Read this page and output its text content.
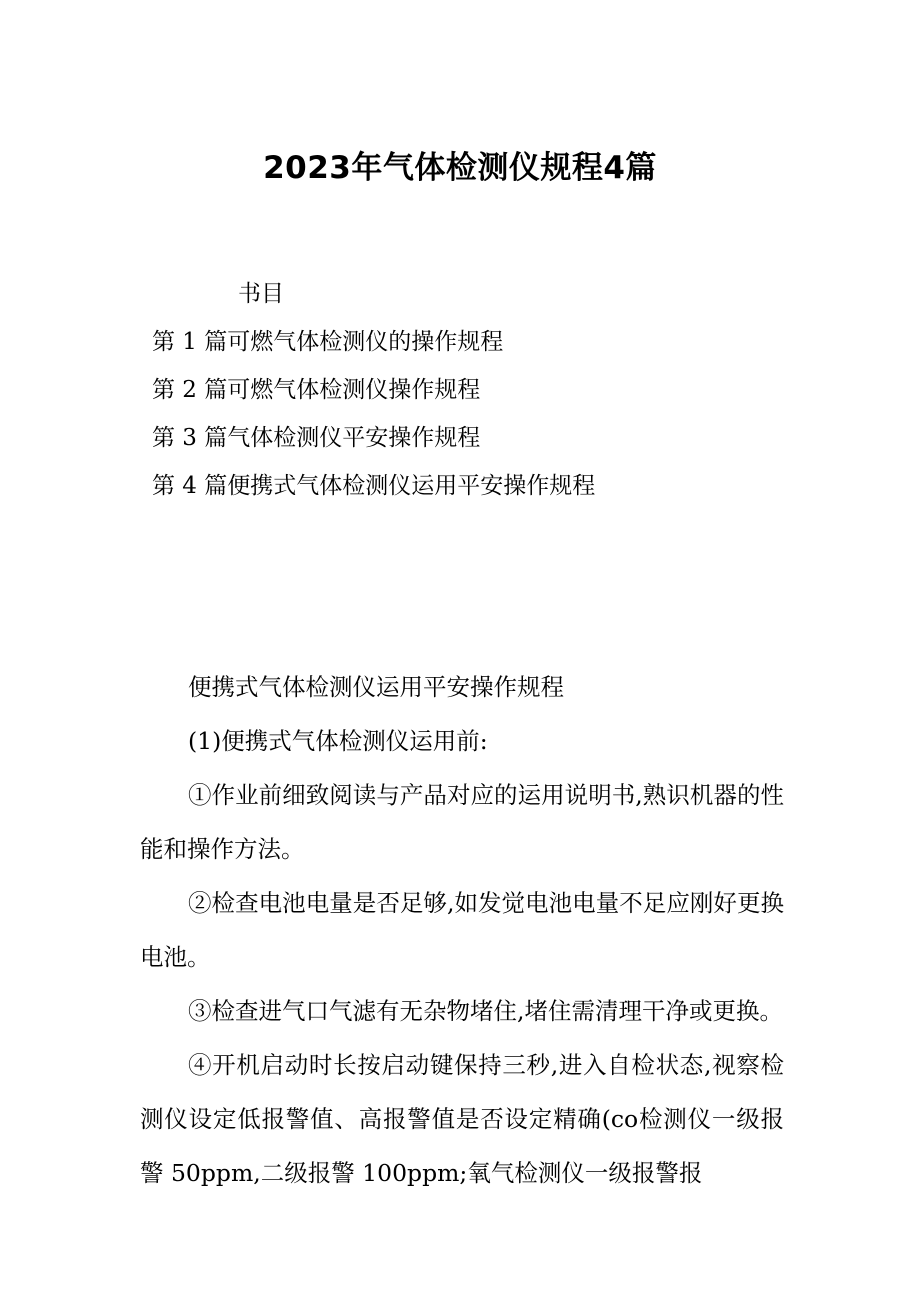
2023年气体检测仪规程4篇
书目
第 1 篇可燃气体检测仪的操作规程
第 2 篇可燃气体检测仪操作规程
第 3 篇气体检测仪平安操作规程
第 4 篇便携式气体检测仪运用平安操作规程

便携式气体检测仪运用平安操作规程

(1)便携式气体检测仪运用前:

①作业前细致阅读与产品对应的运用说明书,熟识机器的性能和操作方法。

②检查电池电量是否足够,如发觉电池电量不足应刚好更换电池。

③检查进气口气滤有无杂物堵住,堵住需清理干净或更换。

④开机启动时长按启动键保持三秒,进入自检状态,视察检测仪设定低报警值、高报警值是否设定精确(co检测仪一级报警 50ppm,二级报警 100ppm;氧气检测仪一级报警报
